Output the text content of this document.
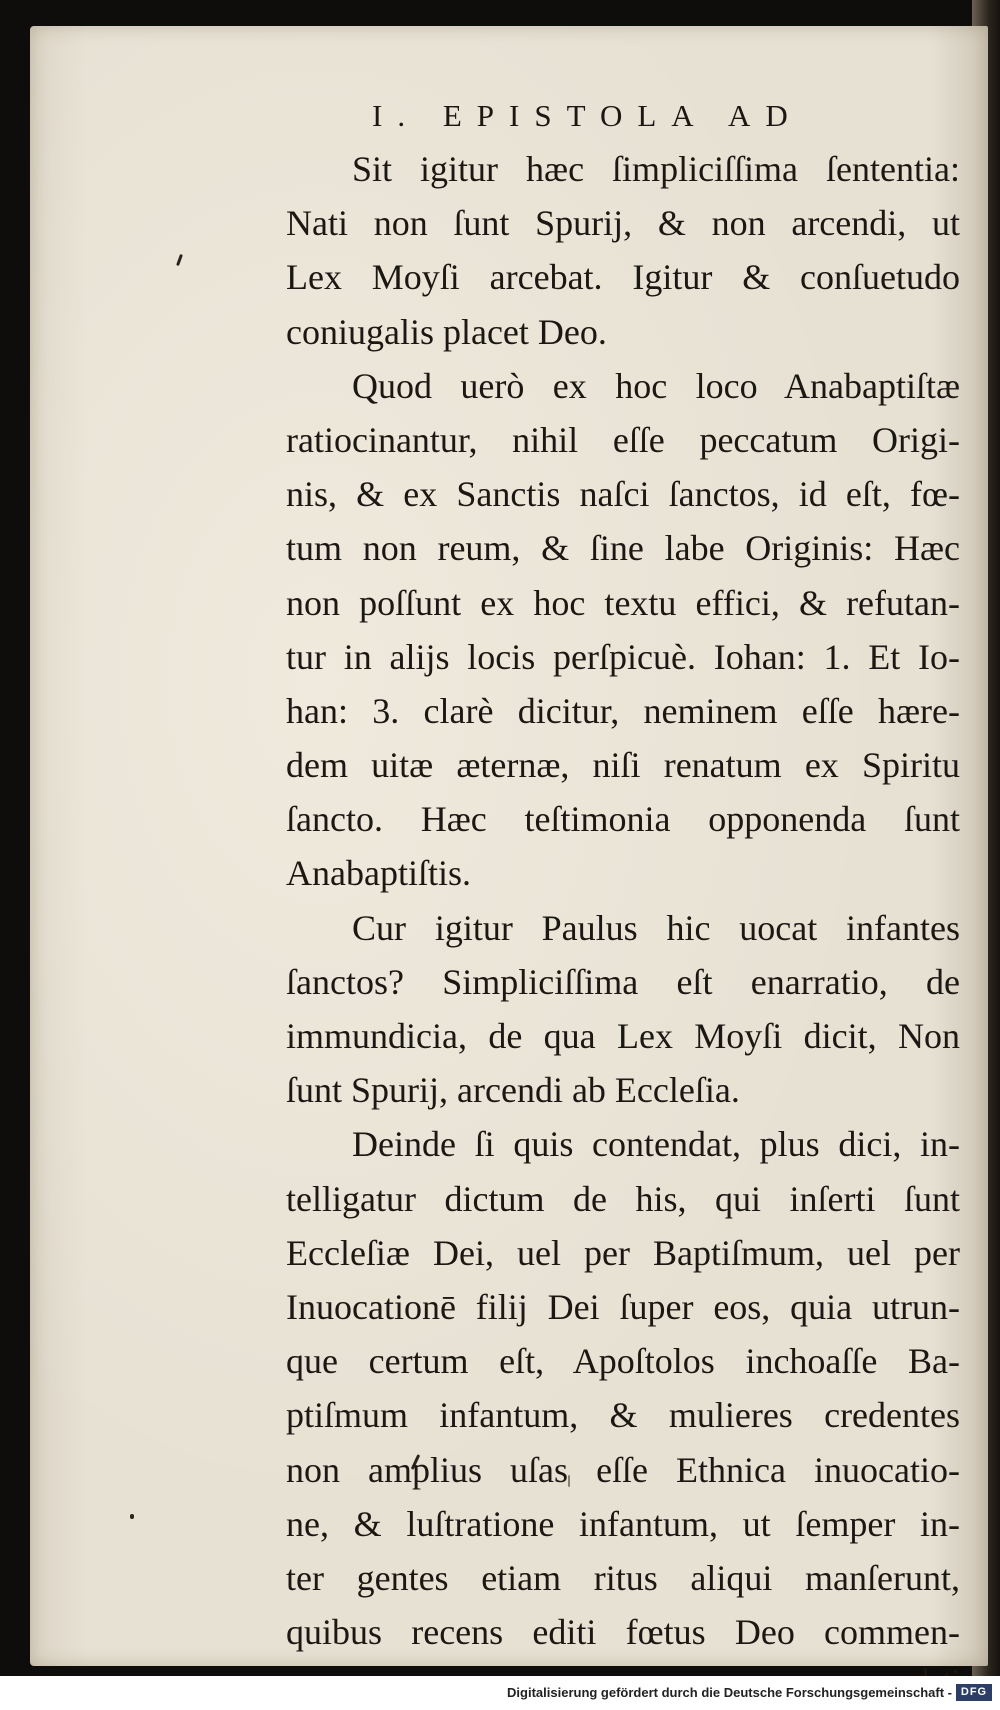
I. EPISTOLA AD
Sit igitur hæc ſimpliciſſima ſententia:
Nati non ſunt Spurij, & non arcendi, ut
Lex Moyſi arcebat. Igitur & conſuetudo
coniugalis placet Deo.
Quod uerò ex hoc loco Anabaptiſtæ
ratiocinantur, nihil eſſe peccatum Origi-
nis, & ex Sanctis naſci ſanctos, id eſt, fœ-
tum non reum, & ſine labe Originis: Hæc
non poſſunt ex hoc textu effici, & refutan-
tur in alijs locis perſpicuè. Iohan: 1. Et Io-
han: 3. clarè dicitur, neminem eſſe hære-
dem uitæ æternæ, niſi renatum ex Spiritu
ſancto. Hæc teſtimonia opponenda ſunt
Anabaptiſtis.
Cur igitur Paulus hic uocat infantes
ſanctos? Simpliciſſima eſt enarratio, de
immundicia, de qua Lex Moyſi dicit, Non
ſunt Spurij, arcendi ab Eccleſia.
Deinde ſi quis contendat, plus dici, in-
telligatur dictum de his, qui inſerti ſunt
Eccleſiæ Dei, uel per Baptiſmum, uel per
Inuocationē filij Dei ſuper eos, quia utrun-
que certum eſt, Apoſtolos inchoaſſe Ba-
ptiſmum infantum, & mulieres credentes
non amplius uſas eſſe Ethnica inuocatio-
ne, & luſtratione infantum, ut ſemper in-
ter gentes etiam ritus aliqui manſerunt,
quibus recens editi fœtus Deo commen-
Digitalisierung gefördert durch die Deutsche Forschungsgemeinschaft - DFG
